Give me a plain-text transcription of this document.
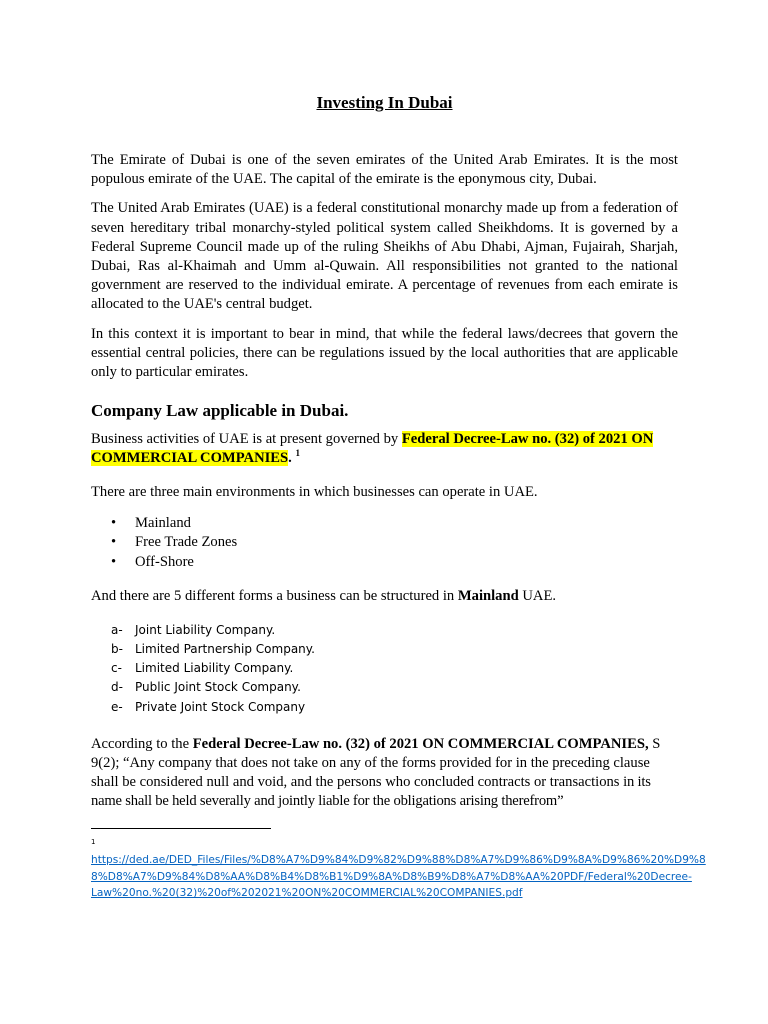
Investing In Dubai

The Emirate of Dubai is one of the seven emirates of the United Arab Emirates. It is the most populous emirate of the UAE. The capital of the emirate is the eponymous city, Dubai.

The United Arab Emirates (UAE) is a federal constitutional monarchy made up from a federation of seven hereditary tribal monarchy-styled political system called Sheikhdoms. It is governed by a Federal Supreme Council made up of the ruling Sheikhs of Abu Dhabi, Ajman, Fujairah, Sharjah, Dubai, Ras al-Khaimah and Umm al-Quwain. All responsibilities not granted to the national government are reserved to the individual emirate. A percentage of revenues from each emirate is allocated to the UAE's central budget.

In this context it is important to bear in mind, that while the federal laws/decrees that govern the essential central policies, there can be regulations issued by the local authorities that are applicable only to particular emirates.

Company Law applicable in Dubai.

Business activities of UAE is at present governed by Federal Decree-Law no. (32) of 2021 ON COMMERCIAL COMPANIES. $^1$

There are three main environments in which businesses can operate in UAE.

• Mainland
• Free Trade Zones
• Off-Shore

And there are 5 different forms a business can be structured in Mainland UAE.

a- Joint Liability Company.
b- Limited Partnership Company.
c- Limited Liability Company.
d- Public Joint Stock Company.
e- Private Joint Stock Company

According to the Federal Decree-Law no. (32) of 2021 ON COMMERCIAL COMPANIES, S 9(2); “Any company that does not take on any of the forms provided for in the preceding clause shall be considered null and void, and the persons who concluded contracts or transactions in its name shall be held severally and jointly liable for the obligations arising therefrom”

1
https://ded.ae/DED_Files/Files/%D8%A7%D9%84%D9%82%D9%88%D8%A7%D9%86%D9%8A%D9%86%20%D9%8
8%D8%A7%D9%84%D8%AA%D8%B4%D8%B1%D9%8A%D8%B9%D8%A7%D8%AA%20PDF/Federal%20Decree-
Law%20no.%20(32)%20of%202021%20ON%20COMMERCIAL%20COMPANIES.pdf
